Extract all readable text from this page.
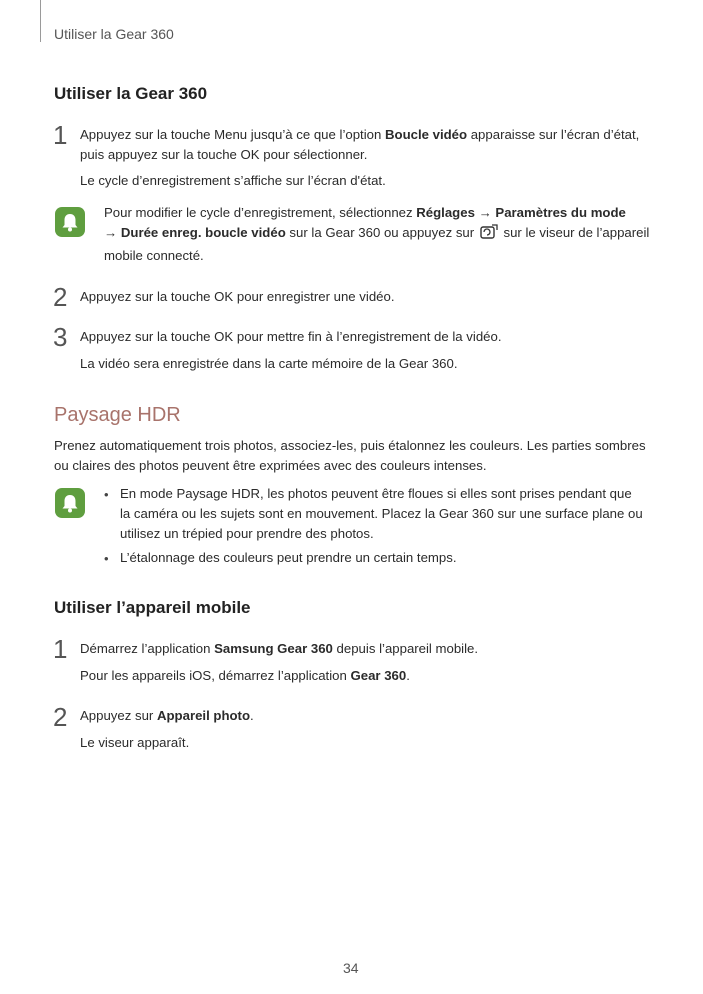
Utiliser la Gear 360
Utiliser la Gear 360
1 Appuyez sur la touche Menu jusqu’à ce que l’option Boucle vidéo apparaisse sur l’écran d’état,
puis appuyez sur la touche OK pour sélectionner.
Le cycle d’enregistrement s’affiche sur l’écran d'état.
Pour modifier le cycle d’enregistrement, sélectionnez Réglages → Paramètres du mode
→ Durée enreg. boucle vidéo sur la Gear 360 ou appuyez sur  sur le viseur de l’appareil
mobile connecté.
2 Appuyez sur la touche OK pour enregistrer une vidéo.
3 Appuyez sur la touche OK pour mettre fin à l’enregistrement de la vidéo.
La vidéo sera enregistrée dans la carte mémoire de la Gear 360.
Paysage HDR
Prenez automatiquement trois photos, associez-les, puis étalonnez les couleurs. Les parties sombres
ou claires des photos peuvent être exprimées avec des couleurs intenses.
• En mode Paysage HDR, les photos peuvent être floues si elles sont prises pendant que
la caméra ou les sujets sont en mouvement. Placez la Gear 360 sur une surface plane ou
utilisez un trépied pour prendre des photos.
• L’étalonnage des couleurs peut prendre un certain temps.
Utiliser l’appareil mobile
1 Démarrez l’application Samsung Gear 360 depuis l’appareil mobile.
Pour les appareils iOS, démarrez l’application Gear 360.
2 Appuyez sur Appareil photo.
Le viseur apparaît.
34
